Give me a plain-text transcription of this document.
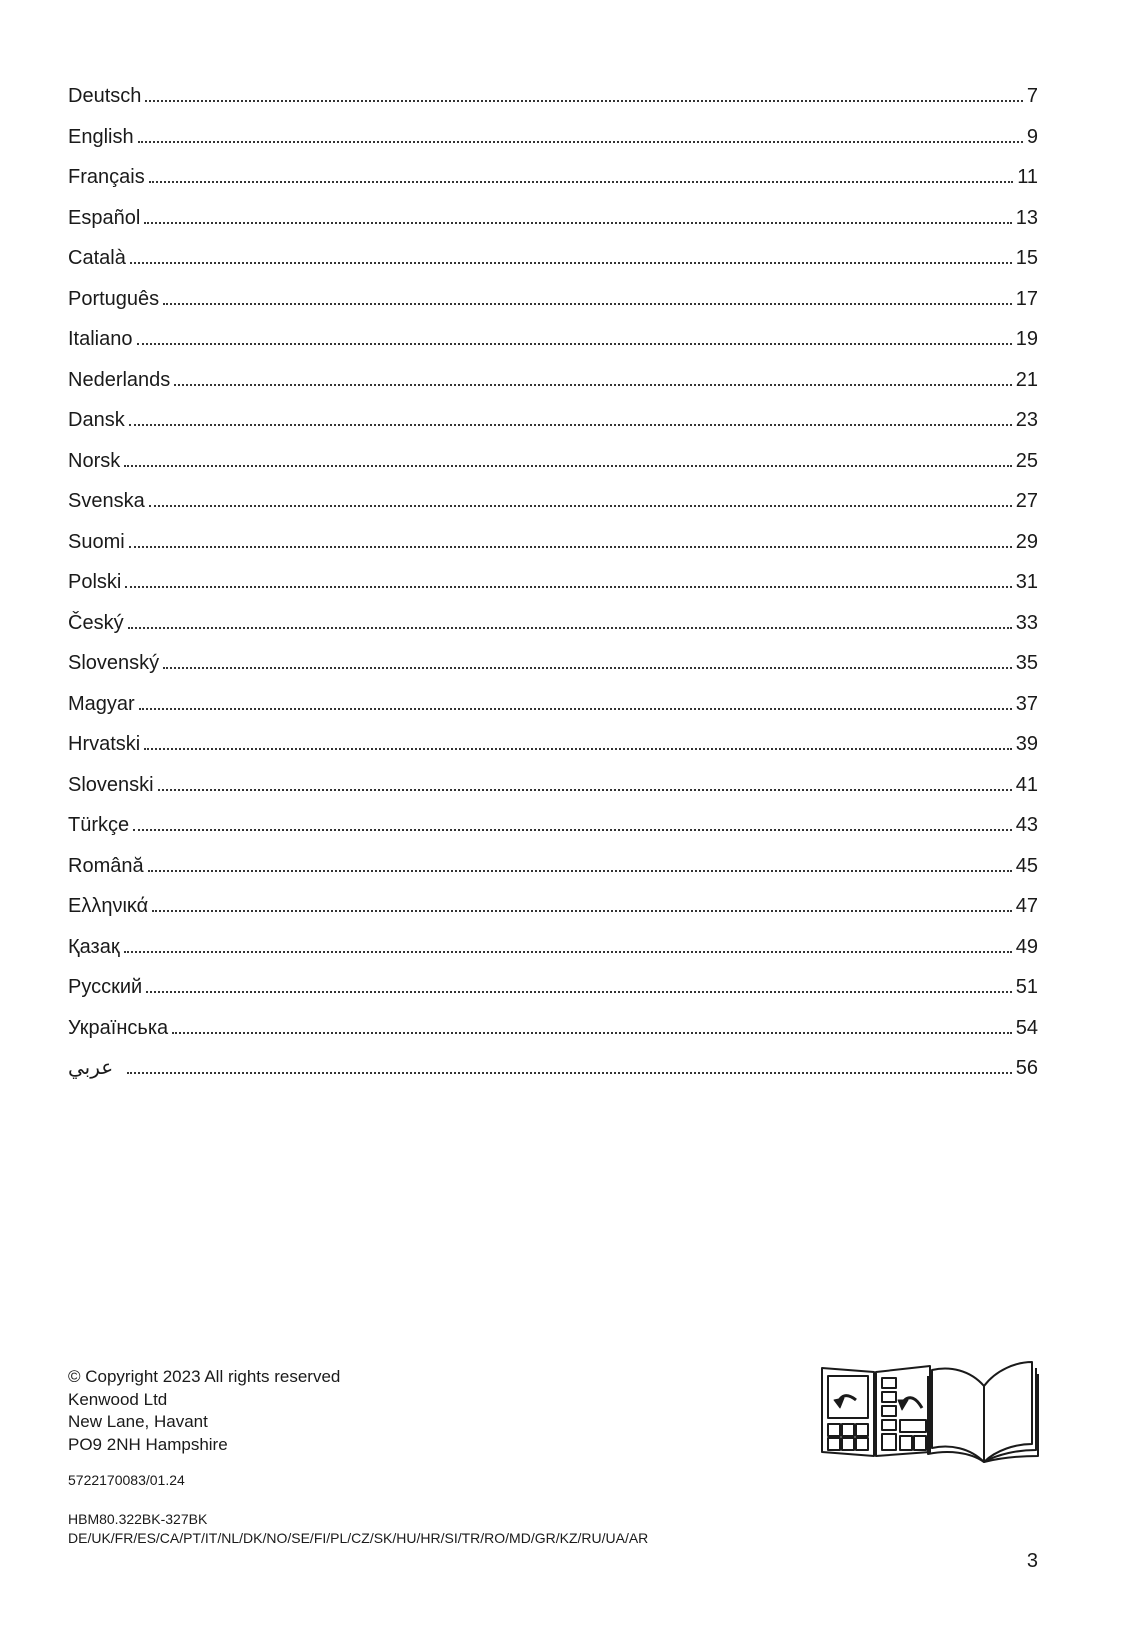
Deutsch	7
English	9
Français	11
Español	13
Català	15
Português	17
Italiano	19
Nederlands	21
Dansk	23
Norsk	25
Svenska	27
Suomi	29
Polski	31
Český	33
Slovenský	35
Magyar	37
Hrvatski	39
Slovenski	41
Türkçe	43
Română	45
Ελληνικά	47
Қазақ	49
Русский	51
Українська	54
عربي	56
© Copyright 2023 All rights reserved
Kenwood Ltd
New Lane, Havant
PO9 2NH Hampshire
5722170083/01.24
HBM80.322BK-327BK
DE/UK/FR/ES/CA/PT/IT/NL/DK/NO/SE/FI/PL/CZ/SK/HU/HR/SI/TR/RO/MD/GR/KZ/RU/UA/AR
3
